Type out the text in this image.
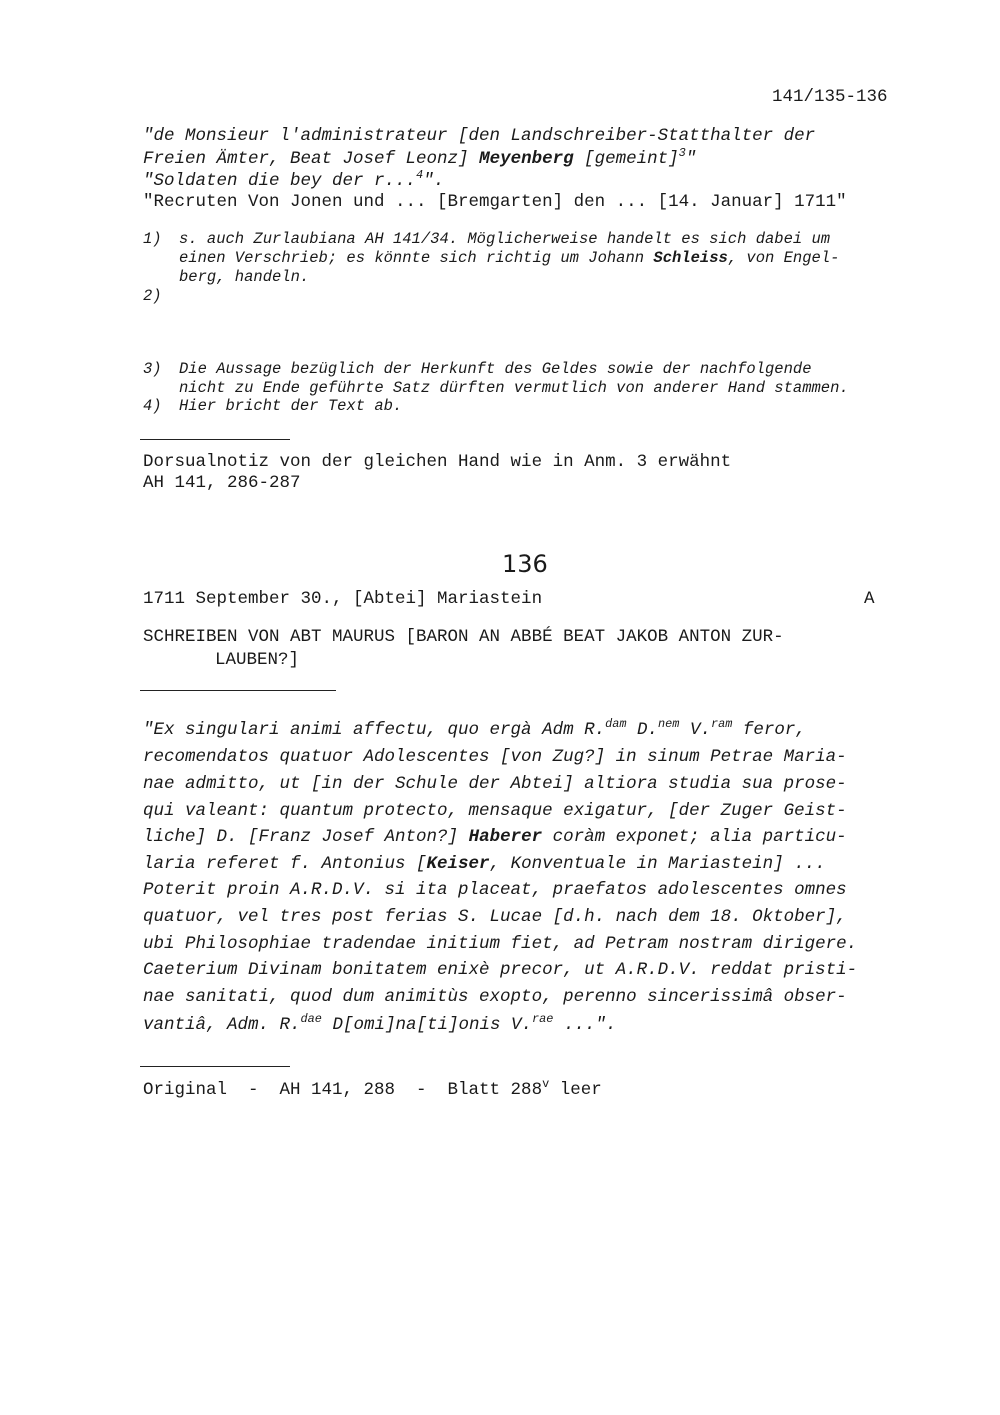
141/135-136
"de Monsieur l'administrateur [den Landschreiber-Statthalter der
Freien Ämter, Beat Josef Leonz] Meyenberg [gemeint]$^3$"
"Soldaten die bey der r...$^4$".
"Recruten Von Jonen und ... [Bremgarten] den ... [14. Januar] 1711"
1) s. auch Zurlaubiana AH 141/34. Möglicherweise handelt es sich dabei um
einen Verschrieb; es könnte sich richtig um Johann Schleiss, von Engel-
berg, handeln.
2)
3) Die Aussage bezüglich der Herkunft des Geldes sowie der nachfolgende
nicht zu Ende geführte Satz dürften vermutlich von anderer Hand stammen.
4) Hier bricht der Text ab.
Dorsualnotiz von der gleichen Hand wie in Anm. 3 erwähnt
AH 141, 286-287
136
1711 September 30., [Abtei] Mariastein	A
SCHREIBEN VON ABT MAURUS [BARON AN ABBÉ BEAT JAKOB ANTON ZUR-
LAUBEN?]
"Ex singulari animi affectu, quo ergà Adm R.$^{dam}$ D.$^{nem}$ V.$^{ram}$ feror,
recomendatos quatuor Adolescentes [von Zug?] in sinum Petrae Maria-
nae admitto, ut [in der Schule der Abtei] altiora studia sua prose-
qui valeant: quantum protecto, mensaque exigatur, [der Zuger Geist-
liche] D. [Franz Josef Anton?] Haberer coràm exponet; alia particu-
laria referet f. Antonius [Keiser, Konventuale in Mariastein] ...
Poterit proin A.R.D.V. si ita placeat, praefatos adolescentes omnes
quatuor, vel tres post ferias S. Lucae [d.h. nach dem 18. Oktober],
ubi Philosophiae tradendae initium fiet, ad Petram nostram dirigere.
Caeterium Divinam bonitatem enixè precor, ut A.R.D.V. reddat pristi-
nae sanitati, quod dum animitùs exopto, perenno sincerissimâ obser-
vantiâ, Adm. R.$^{dae}$ D[omi]na[ti]onis V.$^{rae}$ ...".
Original  -  AH 141, 288  -  Blatt 288$^v$ leer
